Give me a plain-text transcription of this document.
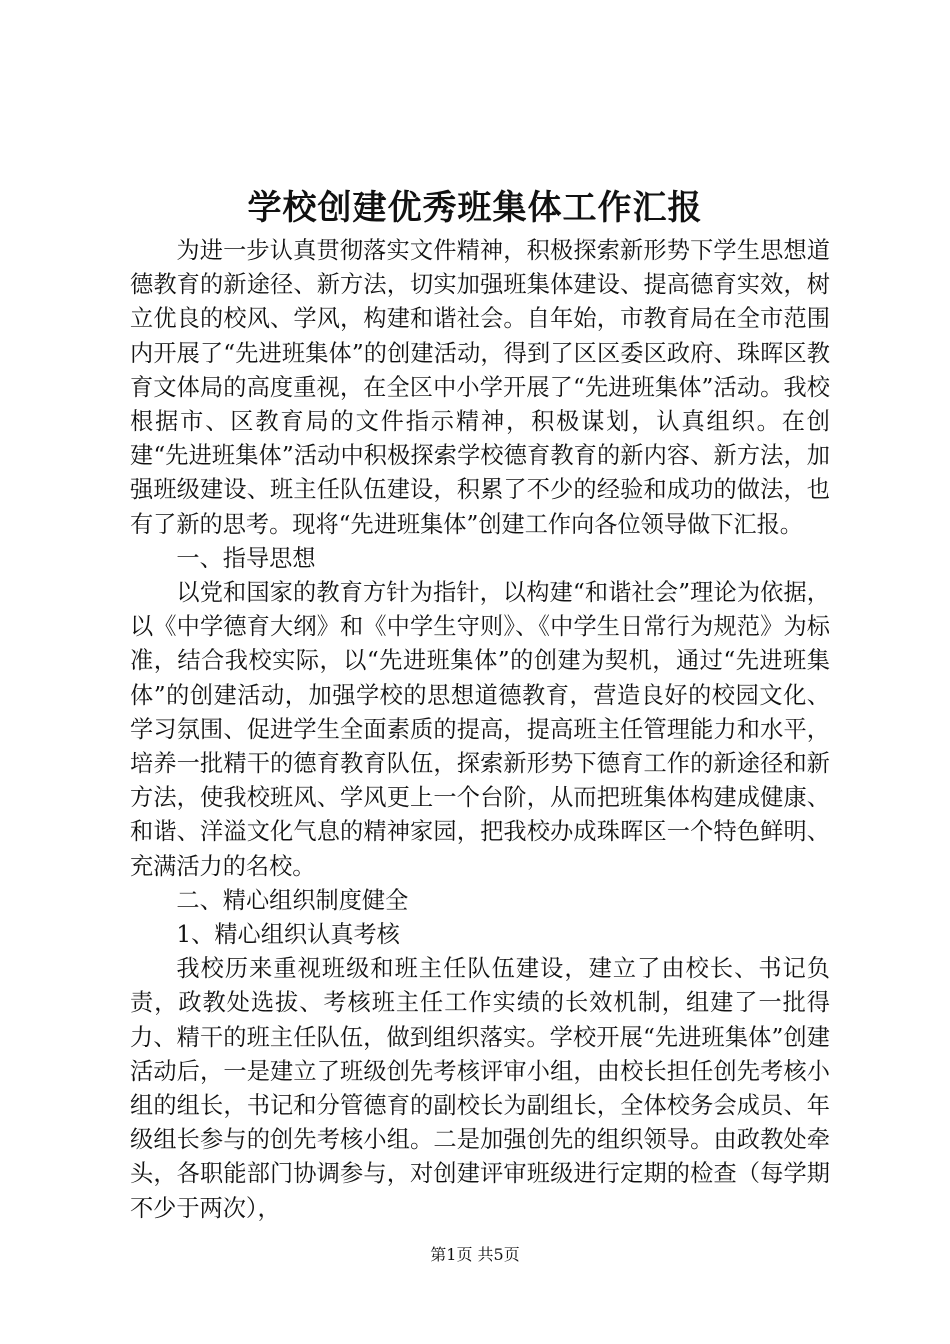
学校创建优秀班集体工作汇报

为进一步认真贯彻落实文件精神，积极探索新形势下学生思想道德教育的新途径、新方法，切实加强班集体建设、提高德育实效，树立优良的校风、学风，构建和谐社会。自年始，市教育局在全市范围内开展了“先进班集体”的创建活动，得到了区区委区政府、珠晖区教育文体局的高度重视，在全区中小学开展了“先进班集体”活动。我校根据市、区教育局的文件指示精神，积极谋划，认真组织。在创建“先进班集体”活动中积极探索学校德育教育的新内容、新方法，加强班级建设、班主任队伍建设，积累了不少的经验和成功的做法，也有了新的思考。现将“先进班集体”创建工作向各位领导做下汇报。

一、指导思想

以党和国家的教育方针为指针，以构建“和谐社会”理论为依据，以《中学德育大纲》和《中学生守则》、《中学生日常行为规范》为标准，结合我校实际，以“先进班集体”的创建为契机，通过“先进班集体”的创建活动，加强学校的思想道德教育，营造良好的校园文化、学习氛围、促进学生全面素质的提高，提高班主任管理能力和水平，培养一批精干的德育教育队伍，探索新形势下德育工作的新途径和新方法，使我校班风、学风更上一个台阶，从而把班集体构建成健康、和谐、洋溢文化气息的精神家园，把我校办成珠晖区一个特色鲜明、充满活力的名校。

二、精心组织制度健全

1、精心组织认真考核

我校历来重视班级和班主任队伍建设，建立了由校长、书记负责，政教处选拔、考核班主任工作实绩的长效机制，组建了一批得力、精干的班主任队伍，做到组织落实。学校开展“先进班集体”创建活动后，一是建立了班级创先考核评审小组，由校长担任创先考核小组的组长，书记和分管德育的副校长为副组长，全体校务会成员、年级组长参与的创先考核小组。二是加强创先的组织领导。由政教处牵头，各职能部门协调参与，对创建评审班级进行定期的检查（每学期不少于两次），

第1页 共5页
